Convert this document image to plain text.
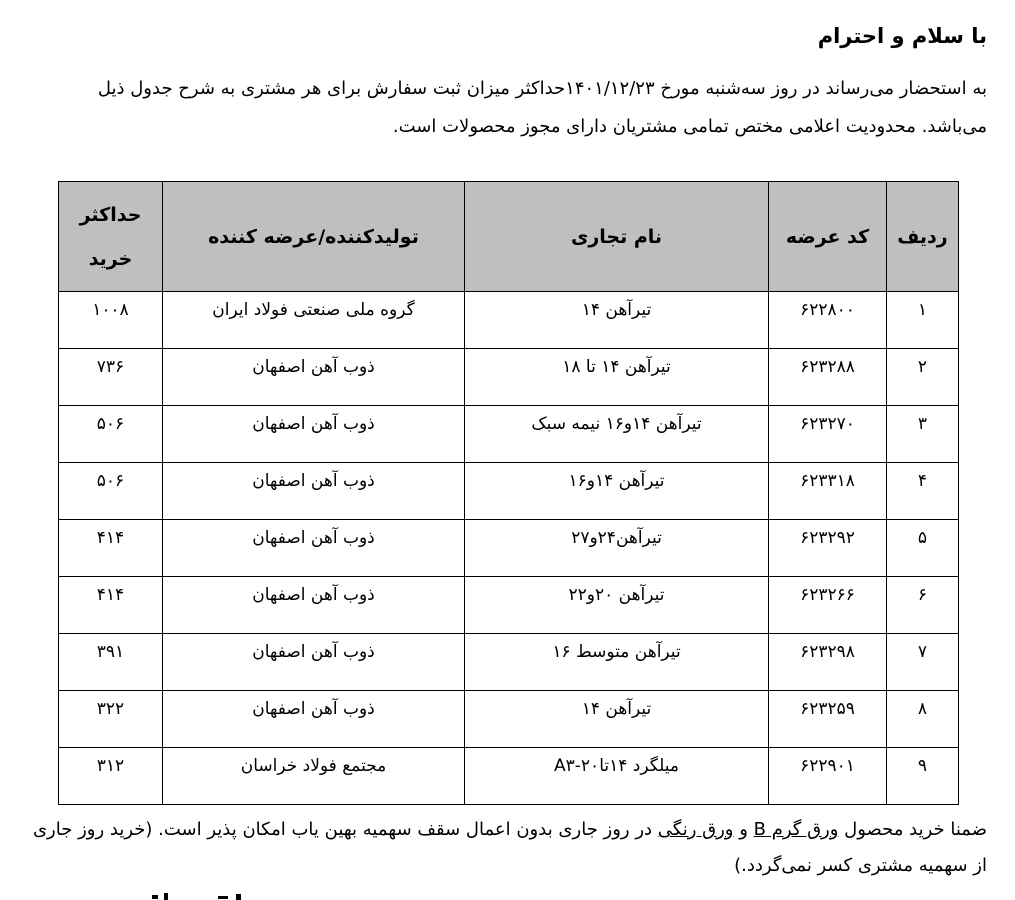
با سلام و احترام
به استحضار می‌رساند در روز سه‌شنبه مورخ ۱۴۰۱/۱۲/۲۳حداکثر میزان ثبت سفارش برای هر مشتری به شرح جدول ذیل می‌باشد. محدودیت اعلامی مختص تمامی مشتریان دارای مجوز محصولات است.
ردیف	کد عرضه	نام تجاری	تولیدکننده/عرضه کننده	حداکثر خرید
۱	۶۲۲۸۰۰	تیرآهن ۱۴	گروه ملی صنعتی فولاد ایران	۱۰۰۸
۲	۶۲۳۲۸۸	تیرآهن ۱۴ تا ۱۸	ذوب آهن اصفهان	۷۳۶
۳	۶۲۳۲۷۰	تیرآهن ۱۴و۱۶ نیمه سبک	ذوب آهن اصفهان	۵۰۶
۴	۶۲۳۳۱۸	تیرآهن ۱۴و۱۶	ذوب آهن اصفهان	۵۰۶
۵	۶۲۳۲۹۲	تیرآهن۲۴و۲۷	ذوب آهن اصفهان	۴۱۴
۶	۶۲۳۲۶۶	تیرآهن ۲۰و۲۲	ذوب آهن اصفهان	۴۱۴
۷	۶۲۳۲۹۸	تیرآهن متوسط ۱۶	ذوب آهن اصفهان	۳۹۱
۸	۶۲۳۲۵۹	تیرآهن ۱۴	ذوب آهن اصفهان	۳۲۲
۹	۶۲۲۹۰۱	میلگرد ۱۴تا۲۰-A۳	مجتمع فولاد خراسان	۳۱۲
ضمنا خرید محصول ورق گرم B و ورق رنگی در روز جاری بدون اعمال سقف سهمیه بهین یاب امکان پذیر است. (خرید روز جاری از سهمیه مشتری کسر نمی‌گردد.)
